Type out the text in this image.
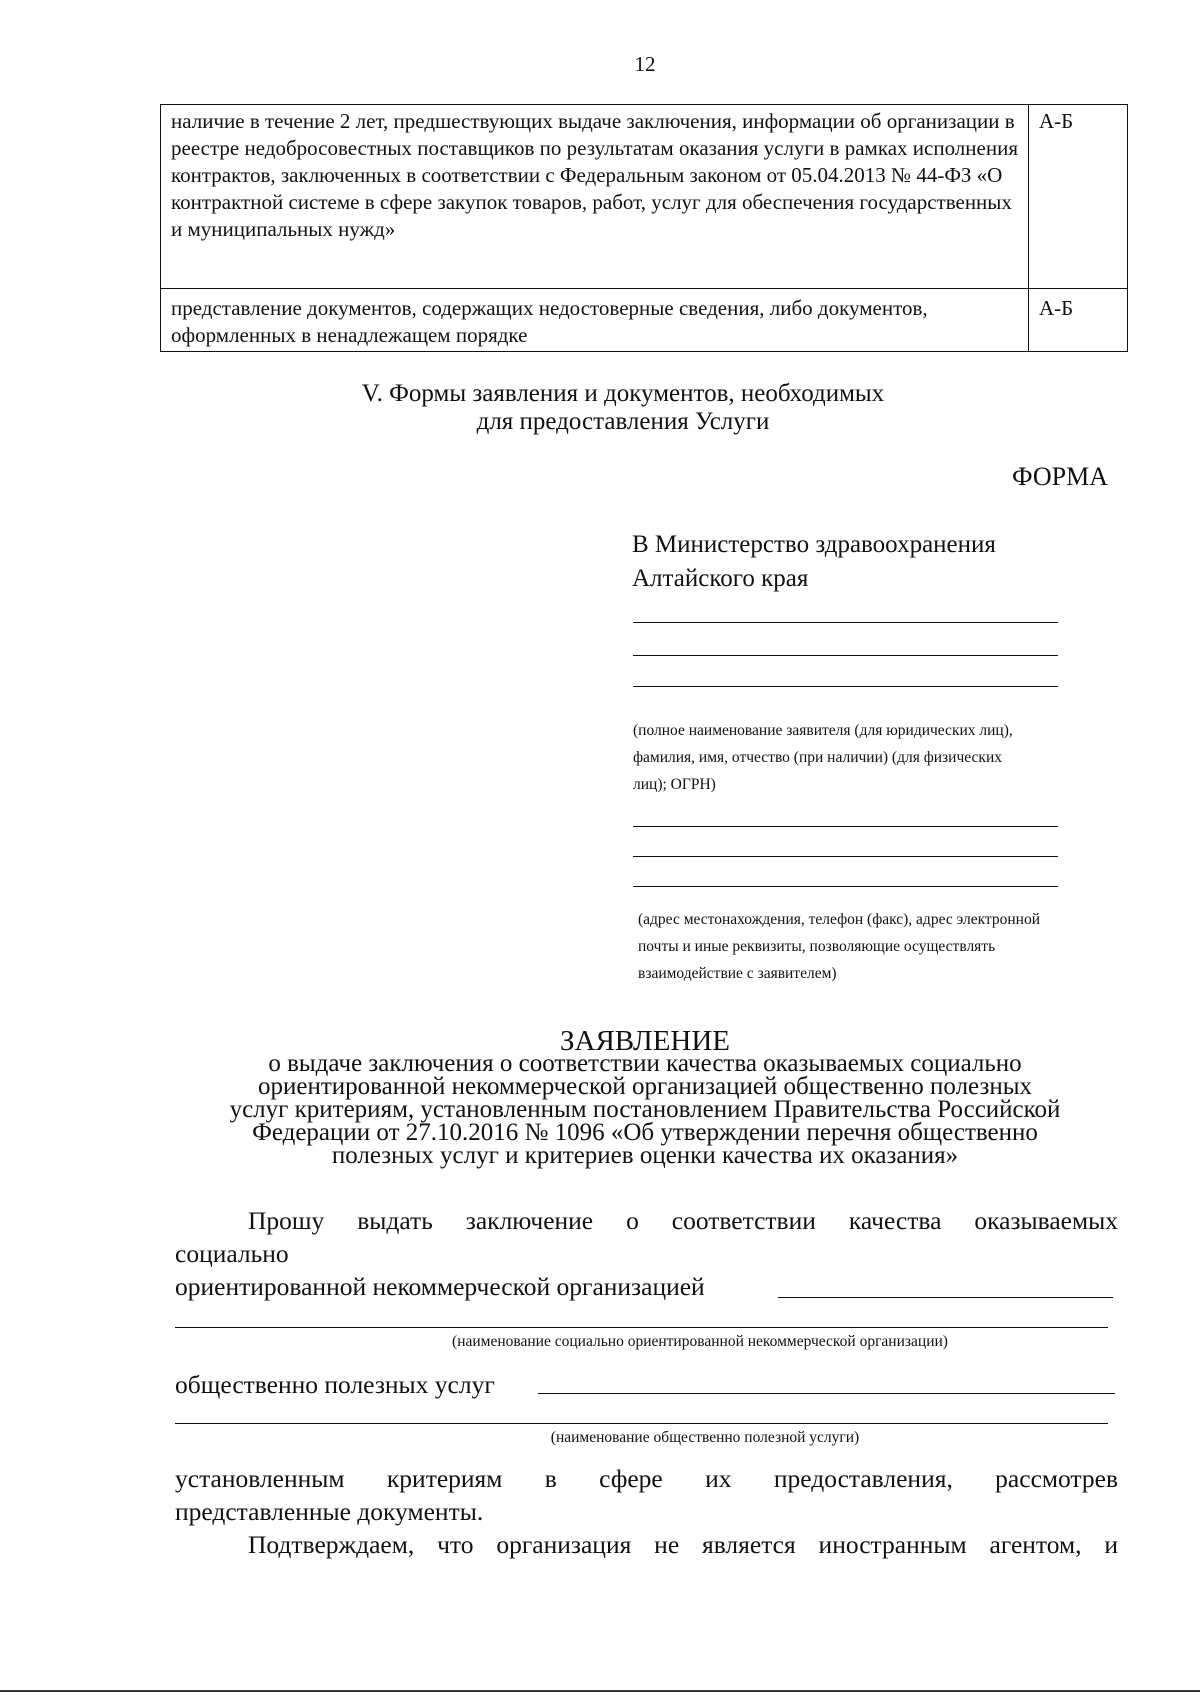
12
наличие в течение 2 лет, предшествующих выдаче заключения, информации об организации в реестре недобросовестных поставщиков по результатам оказания услуги в рамках исполнения контрактов, заключенных в соответствии с Федеральным законом от 05.04.2013 № 44-ФЗ «О контрактной системе в сфере закупок товаров, работ, услуг для обеспечения государственных и муниципальных нужд»	А-Б
представление документов, содержащих недостоверные сведения, либо документов, оформленных в ненадлежащем порядке	А-Б
V. Формы заявления и документов, необходимых
для предоставления Услуги
ФОРМА
В Министерство здравоохранения
Алтайского края
(полное наименование заявителя (для юридических лиц),
фамилия, имя, отчество (при наличии) (для физических
лиц); ОГРН)
(адрес местонахождения, телефон (факс), адрес электронной
почты и иные реквизиты, позволяющие осуществлять
взаимодействие с заявителем)
ЗАЯВЛЕНИЕ
о выдаче заключения о соответствии качества оказываемых социально
ориентированной некоммерческой организацией общественно полезных
услуг критериям, установленным постановлением Правительства Российской
Федерации от 27.10.2016 № 1096 «Об утверждении перечня общественно
полезных услуг и критериев оценки качества их оказания»
Прошу выдать заключение о соответствии качества оказываемых
социально
ориентированной некоммерческой организацией
(наименование социально ориентированной некоммерческой организации)
общественно полезных услуг
(наименование общественно полезной услуги)
установленным критериям в сфере их предоставления, рассмотрев
представленные документы.
Подтверждаем, что организация не является иностранным агентом, и
